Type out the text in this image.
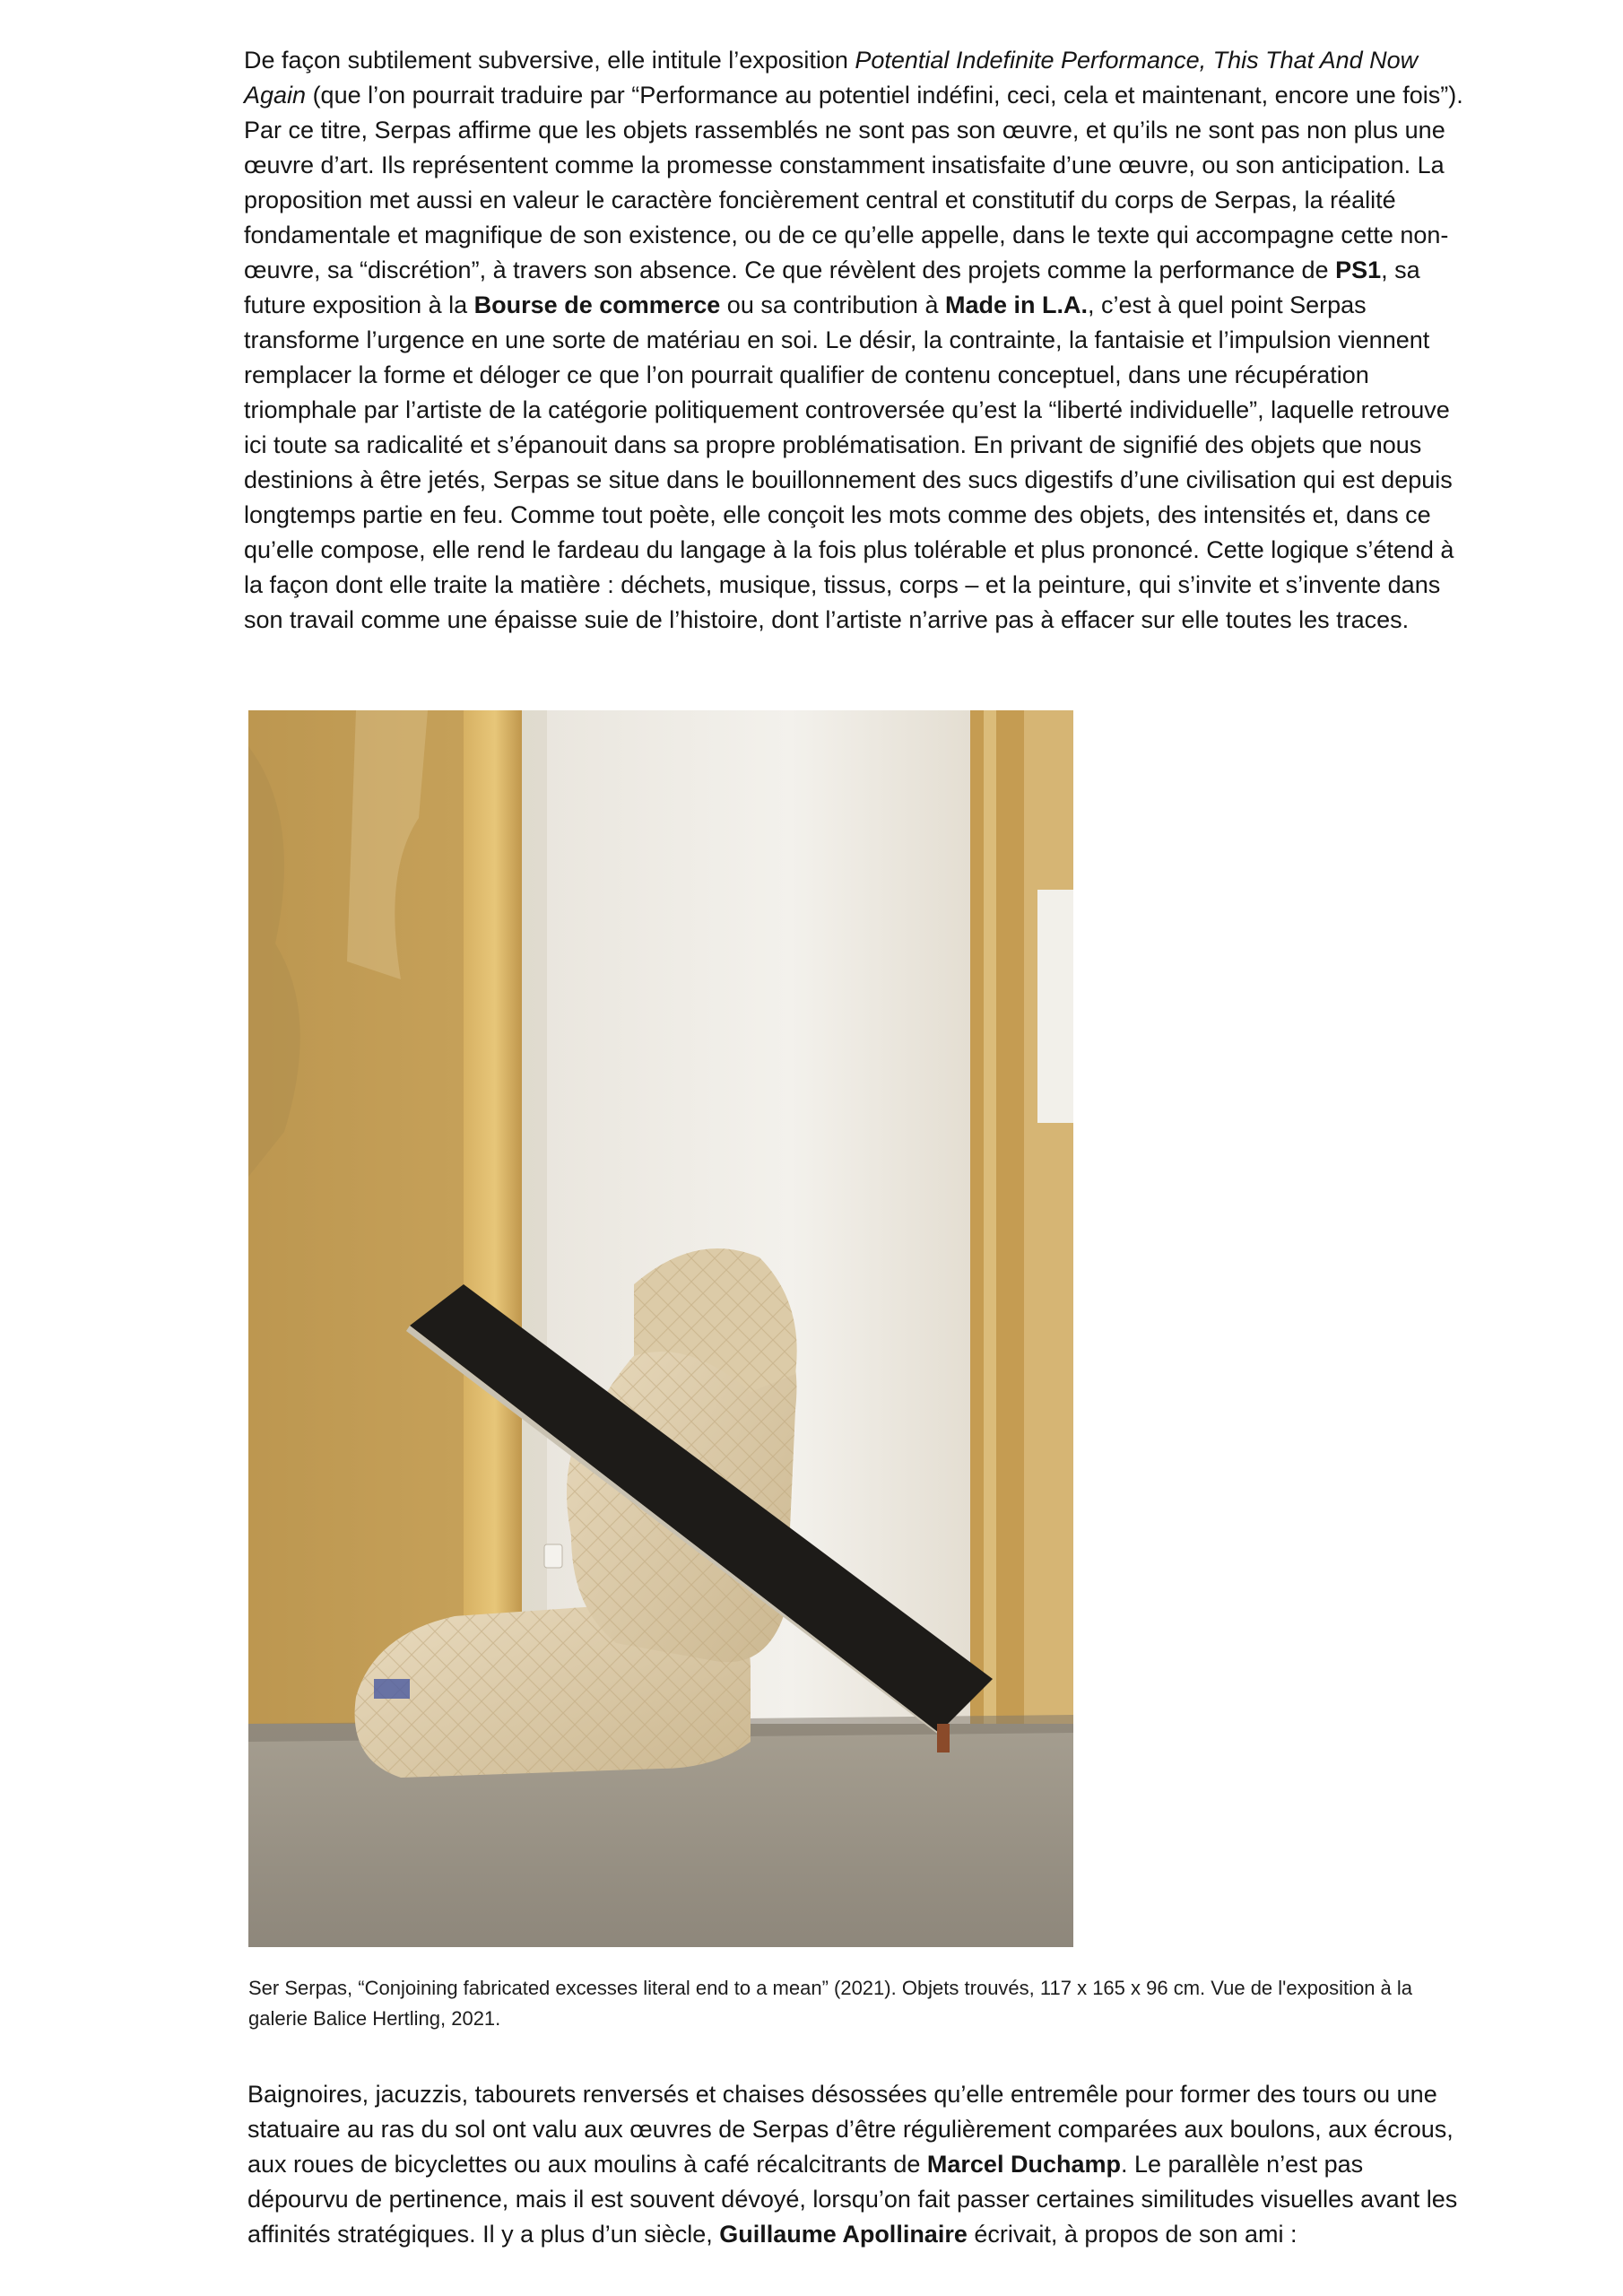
De façon subtilement subversive, elle intitule l’exposition Potential Indefinite Performance, This That And Now Again (que l’on pourrait traduire par “Performance au potentiel indéfini, ceci, cela et maintenant, encore une fois”). Par ce titre, Serpas affirme que les objets rassemblés ne sont pas son œuvre, et qu’ils ne sont pas non plus une œuvre d’art. Ils représentent comme la promesse constamment insatisfaite d’une œuvre, ou son anticipation. La proposition met aussi en valeur le caractère foncièrement central et constitutif du corps de Serpas, la réalité fondamentale et magnifique de son existence, ou de ce qu’elle appelle, dans le texte qui accompagne cette non-œuvre, sa “discrétion”, à travers son absence. Ce que révèlent des projets comme la performance de PS1, sa future exposition à la Bourse de commerce ou sa contribution à Made in L.A., c’est à quel point Serpas transforme l’urgence en une sorte de matériau en soi. Le désir, la contrainte, la fantaisie et l’impulsion viennent remplacer la forme et déloger ce que l’on pourrait qualifier de contenu conceptuel, dans une récupération triomphale par l’artiste de la catégorie politiquement controversée qu’est la “liberté individuelle”, laquelle retrouve ici toute sa radicalité et s’épanouit dans sa propre problématisation. En privant de signifié des objets que nous destinions à être jetés, Serpas se situe dans le bouillonnement des sucs digestifs d’une civilisation qui est depuis longtemps partie en feu. Comme tout poète, elle conçoit les mots comme des objets, des intensités et, dans ce qu’elle compose, elle rend le fardeau du langage à la fois plus tolérable et plus prononcé. Cette logique s’étend à la façon dont elle traite la matière : déchets, musique, tissus, corps – et la peinture, qui s’invite et s’invente dans son travail comme une épaisse suie de l’histoire, dont l’artiste n’arrive pas à effacer sur elle toutes les traces.

Ser Serpas, “Conjoining fabricated excesses literal end to a mean” (2021). Objets trouvés, 117 x 165 x 96 cm. Vue de l'exposition à la galerie Balice Hertling, 2021.

Baignoires, jacuzzis, tabourets renversés et chaises désossées qu’elle entremêle pour former des tours ou une statuaire au ras du sol ont valu aux œuvres de Serpas d’être régulièrement comparées aux boulons, aux écrous, aux roues de bicyclettes ou aux moulins à café récalcitrants de Marcel Duchamp. Le parallèle n’est pas dépourvu de pertinence, mais il est souvent dévoyé, lorsqu’on fait passer certaines similitudes visuelles avant les affinités stratégiques. Il y a plus d’un siècle, Guillaume Apollinaire écrivait, à propos de son ami :
